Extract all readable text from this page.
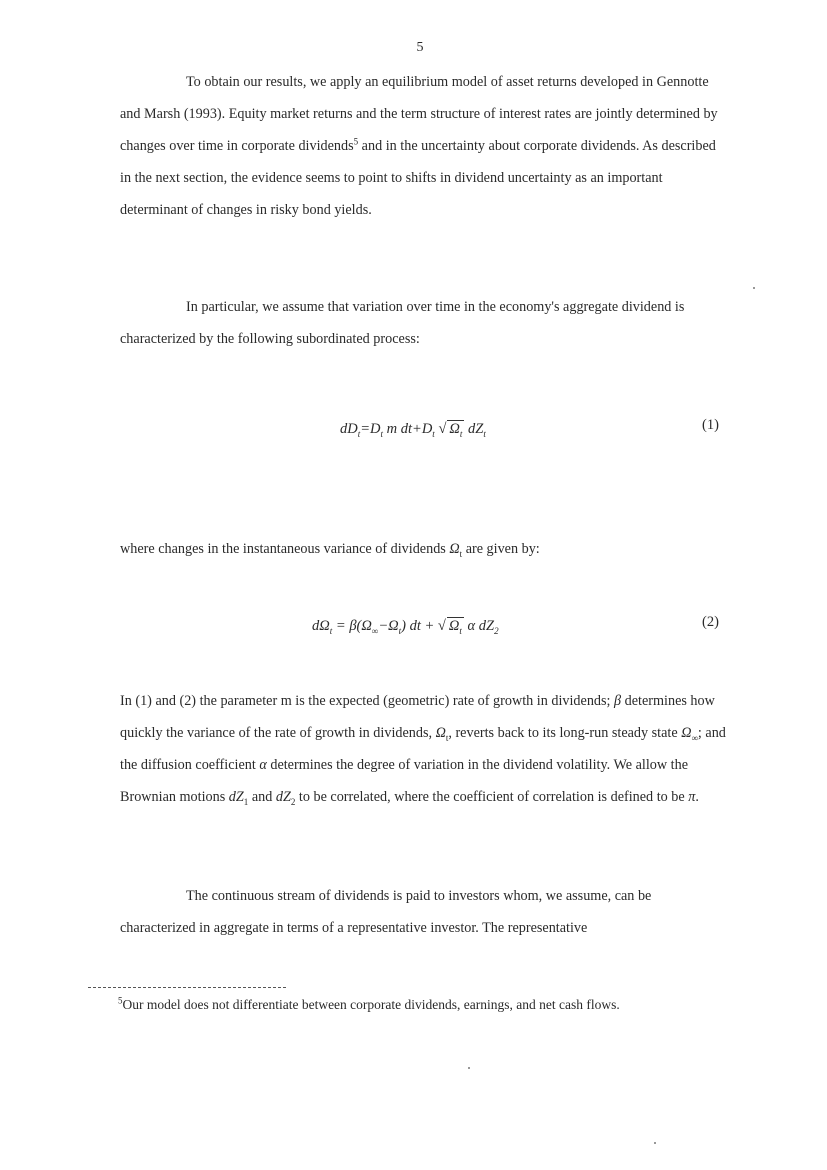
5

To obtain our results, we apply an equilibrium model of asset returns developed in Gennotte and Marsh (1993). Equity market returns and the term structure of interest rates are jointly determined by changes over time in corporate dividends$^5$ and in the uncertainty about corporate dividends. As described in the next section, the evidence seems to point to shifts in dividend uncertainty as an important determinant of changes in risky bond yields.

In particular, we assume that variation over time in the economy's aggregate dividend is characterized by the following subordinated process:

$dD_t=D_t$ m $dt+D_t$ √ $\Omega_t$ $dZ_t$
(1)

where changes in the instantaneous variance of dividends $\Omega_t$ are given by:

$d\Omega_t = \beta(\Omega_\infty-\Omega_t)$ dt + √ $\Omega_t$ α $dZ_2$
(2)

In (1) and (2) the parameter m is the expected (geometric) rate of growth in dividends; β determines how quickly the variance of the rate of growth in dividends, $\Omega_t$, reverts back to its long-run steady state $\Omega_\infty$; and the diffusion coefficient α determines the degree of variation in the dividend volatility. We allow the Brownian motions $dZ_1$ and $dZ_2$ to be correlated, where the coefficient of correlation is defined to be π.

The continuous stream of dividends is paid to investors whom, we assume, can be characterized in aggregate in terms of a representative investor. The representative

$^5$Our model does not differentiate between corporate dividends, earnings, and net cash flows.
